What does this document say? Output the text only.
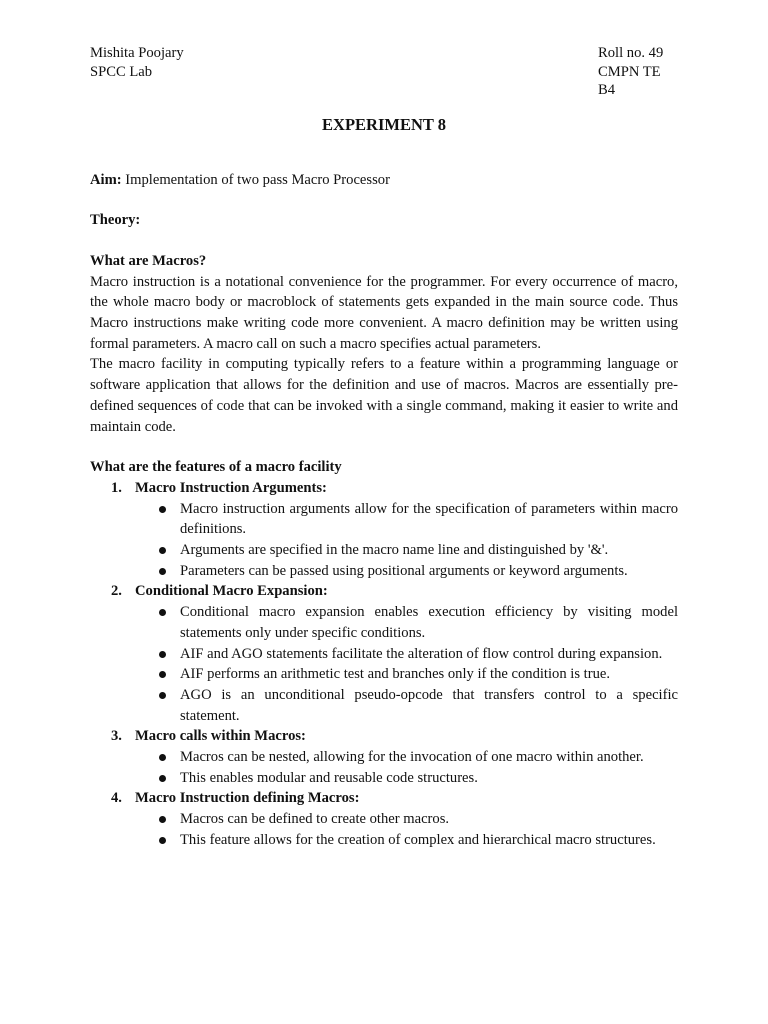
Mishita Poojary
SPCC Lab
Roll no. 49
CMPN TE B4
EXPERIMENT 8
Aim: Implementation of two pass Macro Processor
Theory:
What are Macros?

Macro instruction is a notational convenience for the programmer. For every occurrence of macro, the whole macro body or macroblock of statements gets expanded in the main source code. Thus Macro instructions make writing code more convenient. A macro definition may be written using formal parameters. A macro call on such a macro specifies actual parameters.

The macro facility in computing typically refers to a feature within a programming language or software application that allows for the definition and use of macros. Macros are essentially pre-defined sequences of code that can be invoked with a single command, making it easier to write and maintain code.

What are the features of a macro facility
1. Macro Instruction Arguments:
Macro instruction arguments allow for the specification of parameters within macro definitions.
Arguments are specified in the macro name line and distinguished by '&'.
Parameters can be passed using positional arguments or keyword arguments.
2. Conditional Macro Expansion:
Conditional macro expansion enables execution efficiency by visiting model statements only under specific conditions.
AIF and AGO statements facilitate the alteration of flow control during expansion.
AIF performs an arithmetic test and branches only if the condition is true.
AGO is an unconditional pseudo-opcode that transfers control to a specific statement.
3. Macro calls within Macros:
Macros can be nested, allowing for the invocation of one macro within another.
This enables modular and reusable code structures.
4. Macro Instruction defining Macros:
Macros can be defined to create other macros.
This feature allows for the creation of complex and hierarchical macro structures.
